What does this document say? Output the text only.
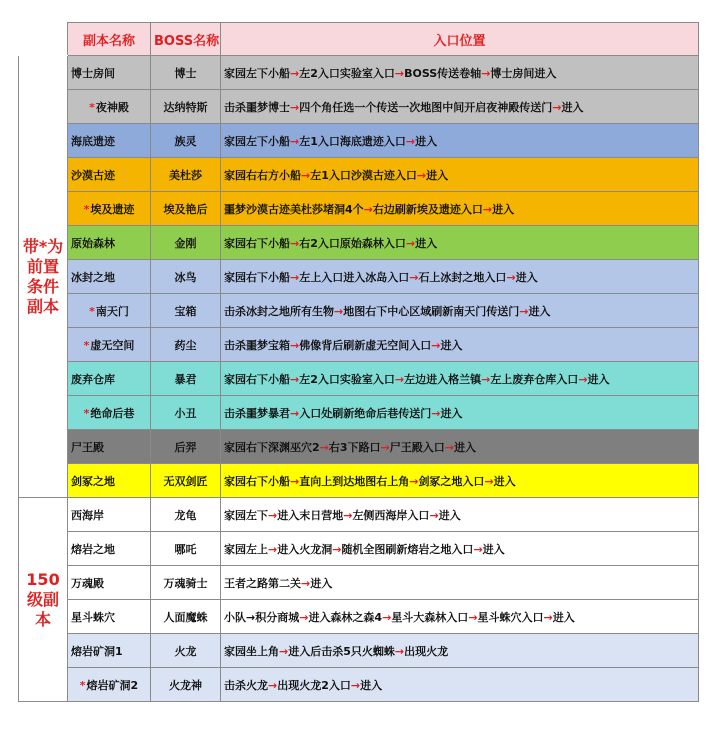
	副本名称	BOSS名称	入口位置
带*为前置条件副本	博士房间	博士	家园左下小船→左2入口实验室入口→BOSS传送卷轴→博士房间进入
	*夜神殿	达纳特斯	击杀噩梦博士→四个角任选一个传送一次地图中间开启夜神殿传送门→进入
	海底遗迹	族灵	家园左下小船→左1入口海底遗迹入口→进入
	沙漠古迹	美杜莎	家园右右方小船→左1入口沙漠古迹入口→进入
	*埃及遗迹	埃及艳后	噩梦沙漠古迹美杜莎堵洞4个→右边刷新埃及遗迹入口→进入
	原始森林	金刚	家园右下小船→右2入口原始森林入口→进入
	冰封之地	冰鸟	家园右下小船→左上入口进入冰岛入口→石上冰封之地入口→进入
	*南天门	宝箱	击杀冰封之地所有生物→地图右下中心区域刷新南天门传送门→进入
	*虚无空间	药尘	击杀噩梦宝箱→佛像背后刷新虚无空间入口→进入
	废弃仓库	暴君	家园右下小船→左2入口实验室入口→左边进入格兰镇→左上废弃仓库入口→进入
	*绝命后巷	小丑	击杀噩梦暴君→入口处刷新绝命后巷传送门→进入
	尸王殿	后羿	家园右下深渊巫穴2→右3下路口→尸王殿入口→进入
	剑冢之地	无双剑匠	家园右下小船→直向上到达地图右上角→剑冢之地入口→进入
150级副本	西海岸	龙龟	家园左下→进入末日营地→左侧西海岸入口→进入
	熔岩之地	哪吒	家园左上→进入火龙洞→随机全图刷新熔岩之地入口→进入
	万魂殿	万魂骑士	王者之路第二关→进入
	星斗蛛穴	人面魔蛛	小队→积分商城→进入森林之森4→星斗大森林入口→星斗蛛穴入口→进入
	熔岩矿洞1	火龙	家园坐上角→进入后击杀5只火蜘蛛→出现火龙
	*熔岩矿洞2	火龙神	击杀火龙→出现火龙2入口→进入
